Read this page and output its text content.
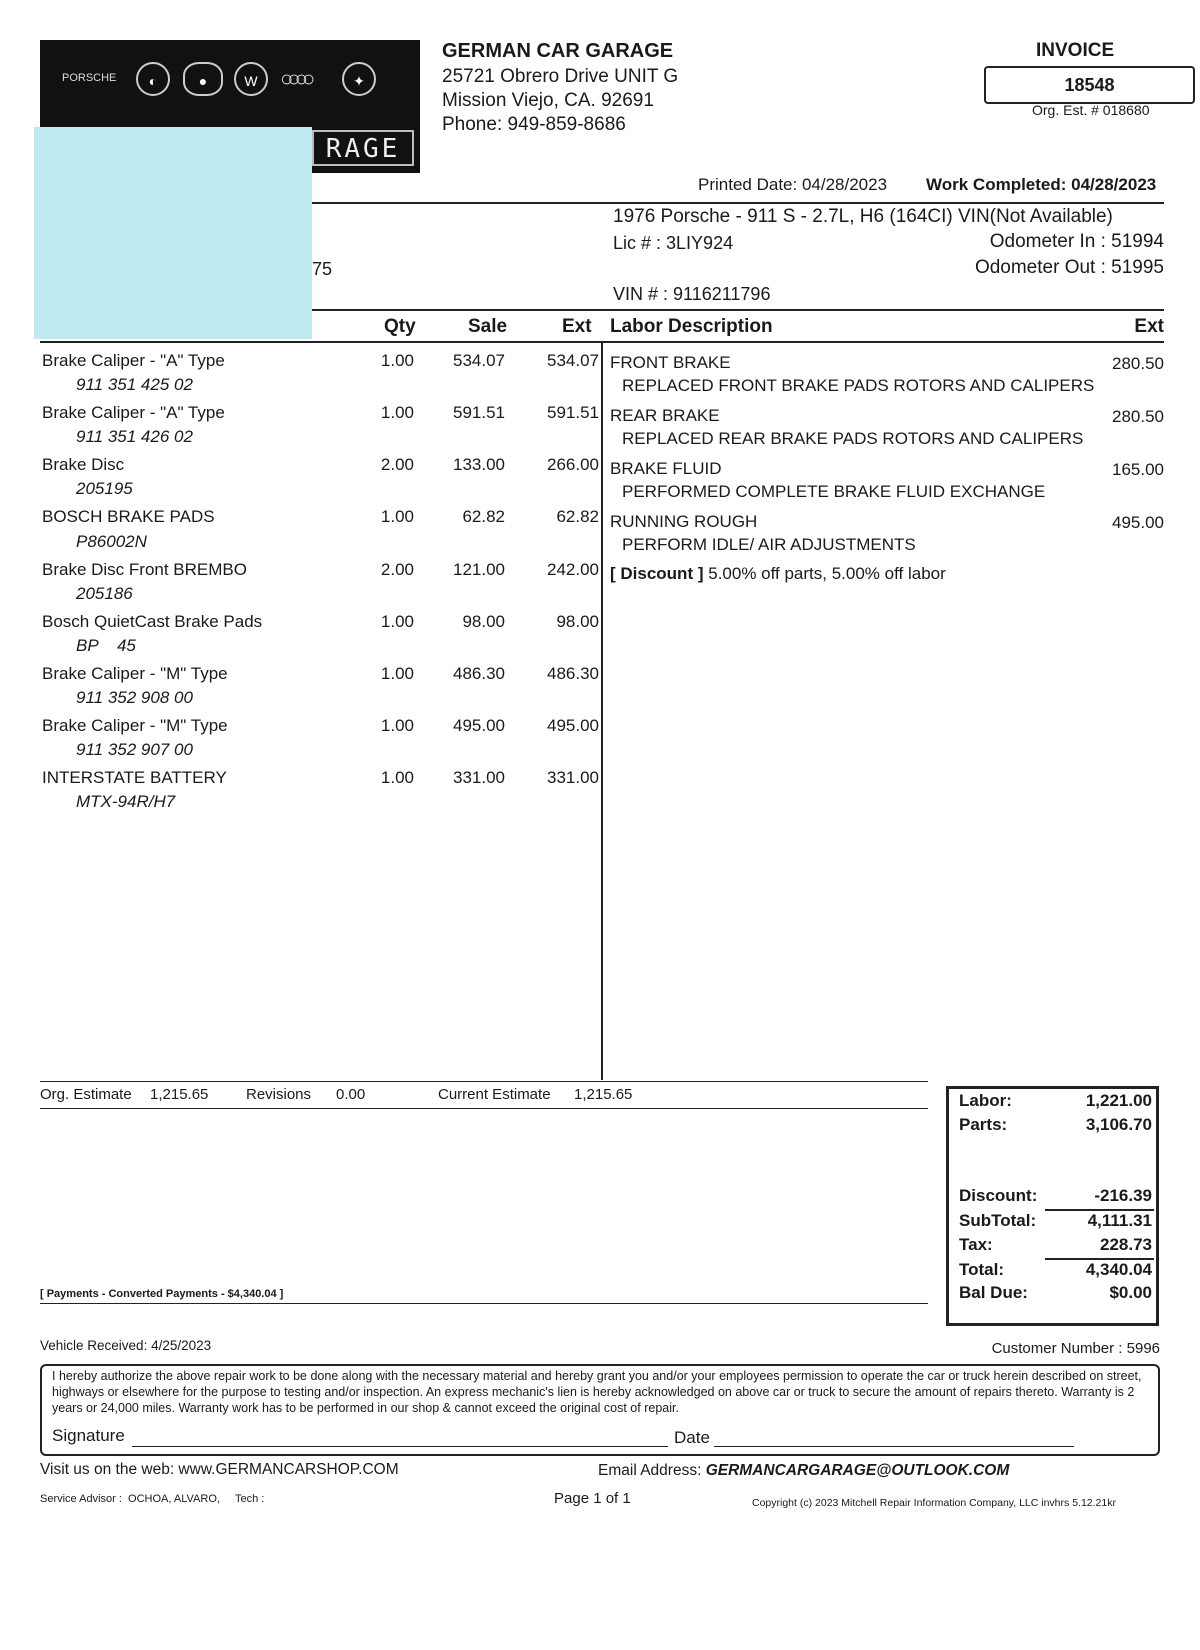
PORSCHE	◐	●	W	○○○○	✦
RAGE
GERMAN CAR GARAGE
25721 Obrero Drive UNIT G
Mission Viejo, CA. 92691
Phone: 949-859-8686
INVOICE
18548
Org. Est. # 018680
Printed Date: 04/28/2023 Work Completed: 04/28/2023
75
1976 Porsche - 911 S - 2.7L, H6 (164CI) VIN(Not Available)
Lic # : 3LIY924	Odometer In : 51994
Odometer Out : 51995
VIN # : 9116211796
Qty	Sale	Ext Labor Description	Ext
Brake Caliper - "A" Type
911 351 425 02
1.00	534.07	534.07
Brake Caliper - "A" Type
911 351 426 02
1.00	591.51	591.51
Brake Disc
205195
2.00	133.00	266.00
BOSCH BRAKE PADS
P86002N
1.00	62.82	62.82
Brake Disc Front BREMBO
205186
2.00	121.00	242.00
Bosch QuietCast Brake Pads
BP    45
1.00	98.00	98.00
Brake Caliper - "M" Type
911 352 908 00
1.00	486.30	486.30
Brake Caliper - "M" Type
911 352 907 00
1.00	495.00	495.00
INTERSTATE BATTERY
MTX-94R/H7
1.00	331.00	331.00
FRONT BRAKE
REPLACED FRONT BRAKE PADS ROTORS AND CALIPERS
280.50
REAR BRAKE
REPLACED REAR BRAKE PADS ROTORS AND CALIPERS
280.50
BRAKE FLUID
PERFORMED COMPLETE BRAKE FLUID EXCHANGE
165.00
RUNNING ROUGH
PERFORM IDLE/ AIR ADJUSTMENTS
495.00
[ Discount ] 5.00% off parts, 5.00% off labor
Org. Estimate 1,215.65	Revisions 0.00	Current Estimate 1,215.65
[ Payments - Converted Payments - $4,340.04 ]
Labor:	1,221.00
Parts:	3,106.70
Discount:	-216.39
SubTotal:	4,111.31
Tax:	228.73
Total:	4,340.04
Bal Due:	$0.00
Vehicle Received: 4/25/2023	Customer Number : 5996
I hereby authorize the above repair work to be done along with the necessary material and hereby grant you and/or your employees permission to operate the car or truck herein described on street, highways or elsewhere for the purpose to testing and/or inspection. An express mechanic's lien is hereby acknowledged on above car or truck to secure the amount of repairs thereto. Warranty is 2 years or 24,000 miles. Warranty work has to be performed in our shop & cannot exceed the original cost of repair.
Signature	Date
Visit us on the web: www.GERMANCARSHOP.COM	Email Address: GERMANCARGARAGE@OUTLOOK.COM
Service Advisor :  OCHOA, ALVARO,     Tech :	Page 1 of 1	Copyright (c) 2023 Mitchell Repair Information Company, LLC invhrs 5.12.21kr
